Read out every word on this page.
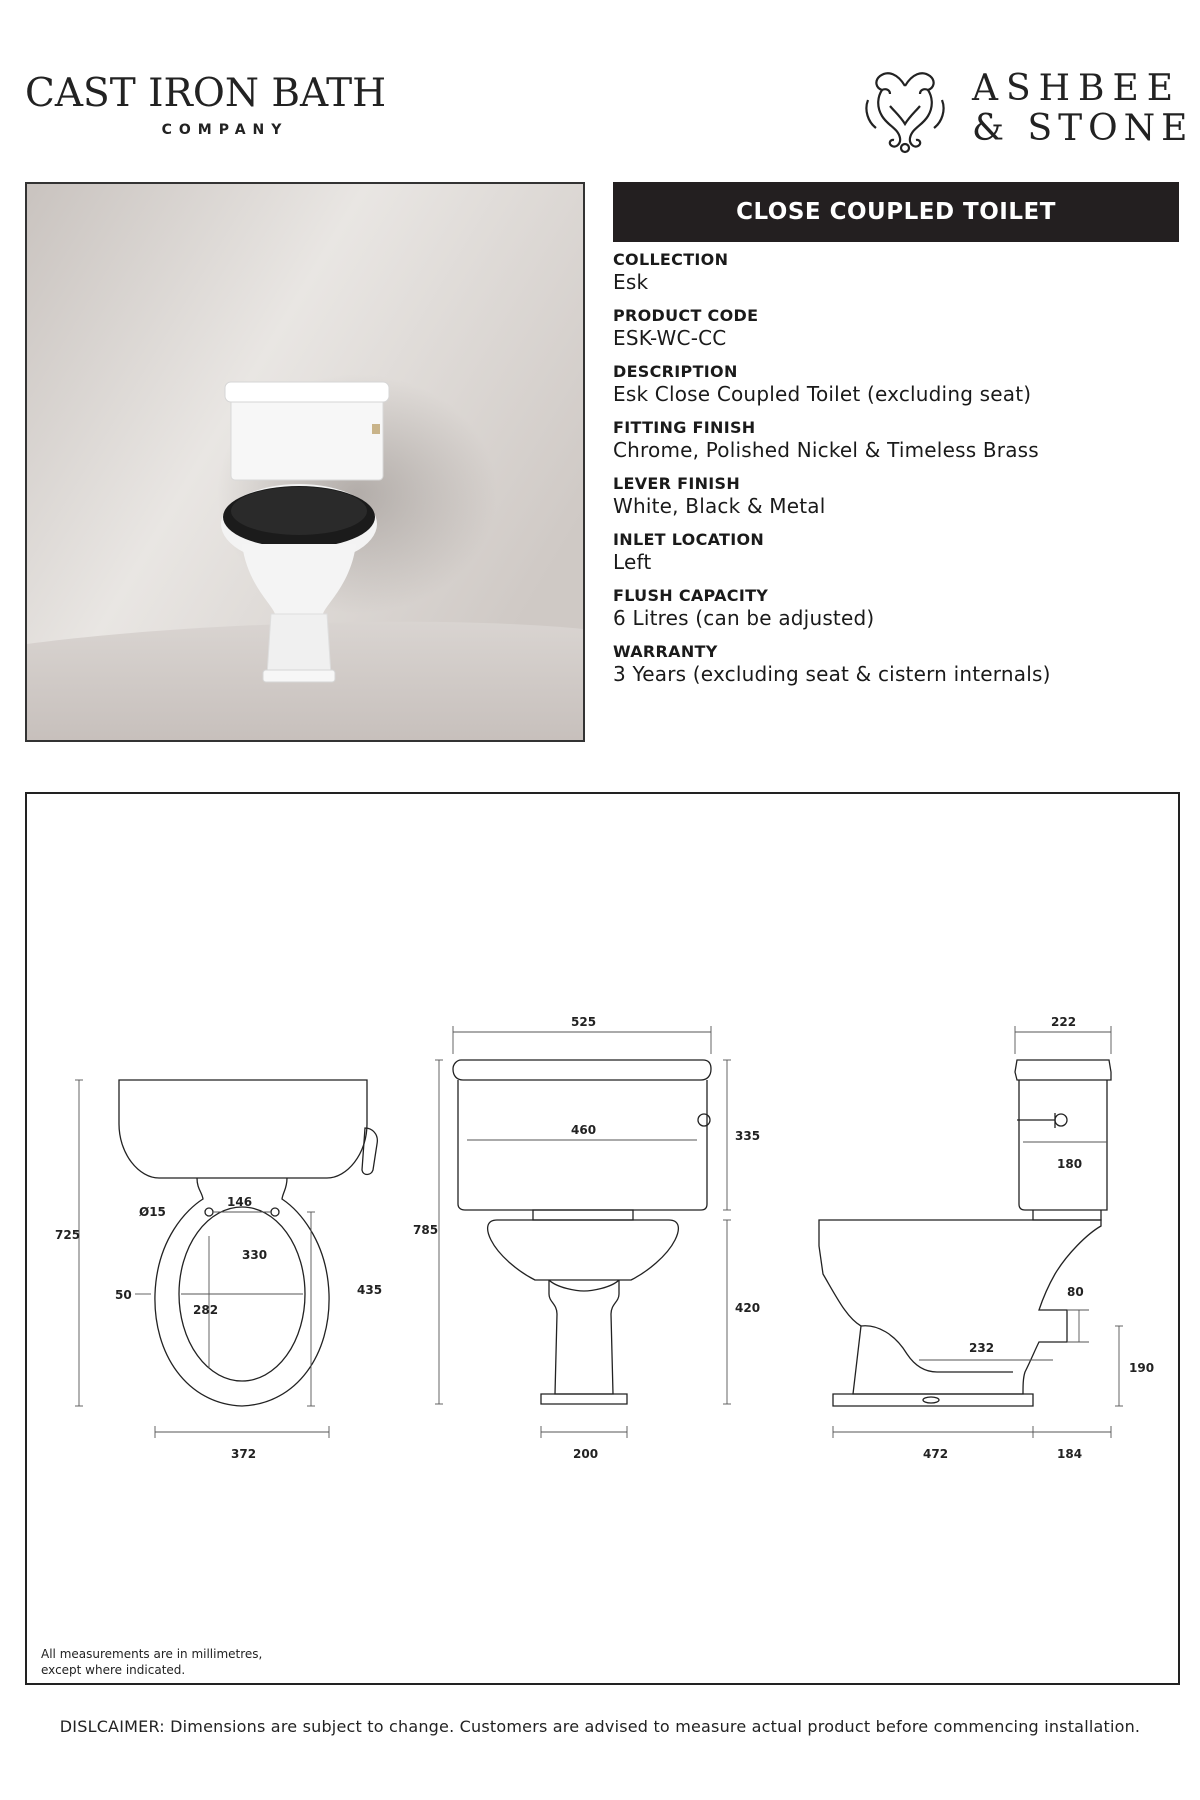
CAST IRON BATH
COMPANY
ASHBEE
& STONE
CLOSE COUPLED TOILET
COLLECTION
Esk
PRODUCT CODE
ESK-WC-CC
DESCRIPTION
Esk Close Coupled Toilet (excluding seat)
FITTING FINISH
Chrome, Polished Nickel & Timeless Brass
LEVER FINISH
White, Black & Metal
INLET LOCATION
Left
FLUSH CAPACITY
6 Litres (can be adjusted)
WARRANTY
3 Years (excluding seat & cistern internals)
725
Ø15
146
330
50
282
435
372
525
460	335
785
420
200
222
180
80
232
190
472	184
All measurements are in millimetres,
except where indicated.
DISLCAIMER: Dimensions are subject to change. Customers are advised to measure actual product before commencing installation.
